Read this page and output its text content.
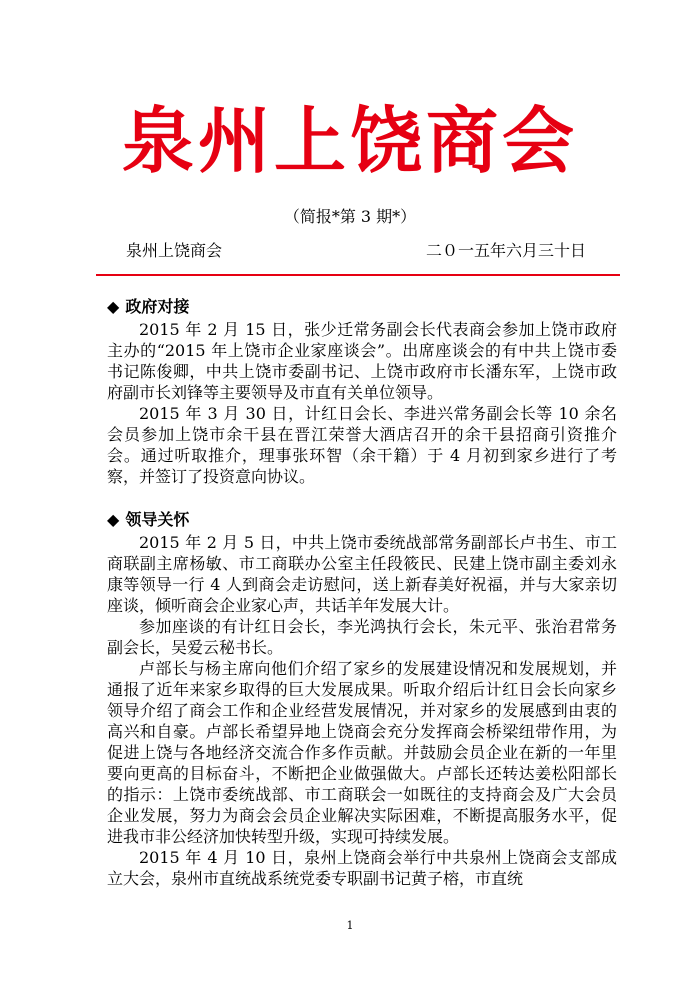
泉州上饶商会
（简报*第 3 期*）
泉州上饶商会	二０一五年六月三十日
◆ 政府对接

2015 年 2 月 15 日，张少迁常务副会长代表商会参加上饶市政府主办的“2015 年上饶市企业家座谈会”。出席座谈会的有中共上饶市委书记陈俊卿，中共上饶市委副书记、上饶市政府市长潘东军，上饶市政府副市长刘锋等主要领导及市直有关单位领导。

2015 年 3 月 30 日，计红日会长、李进兴常务副会长等 10 余名会员参加上饶市余干县在晋江荣誉大酒店召开的余干县招商引资推介会。通过听取推介，理事张环智（余干籍）于 4 月初到家乡进行了考察，并签订了投资意向协议。

◆ 领导关怀

2015 年 2 月 5 日，中共上饶市委统战部常务副部长卢书生、市工商联副主席杨敏、市工商联办公室主任段筱民、民建上饶市副主委刘永康等领导一行 4 人到商会走访慰问，送上新春美好祝福，并与大家亲切座谈，倾听商会企业家心声，共话羊年发展大计。

参加座谈的有计红日会长，李光鸿执行会长，朱元平、张治君常务副会长，吴爱云秘书长。

卢部长与杨主席向他们介绍了家乡的发展建设情况和发展规划，并通报了近年来家乡取得的巨大发展成果。听取介绍后计红日会长向家乡领导介绍了商会工作和企业经营发展情况，并对家乡的发展感到由衷的高兴和自豪。卢部长希望异地上饶商会充分发挥商会桥梁纽带作用，为促进上饶与各地经济交流合作多作贡献。并鼓励会员企业在新的一年里要向更高的目标奋斗，不断把企业做强做大。卢部长还转达姜松阳部长的指示：上饶市委统战部、市工商联会一如既往的支持商会及广大会员企业发展，努力为商会会员企业解决实际困难，不断提高服务水平，促进我市非公经济加快转型升级，实现可持续发展。

2015 年 4 月 10 日，泉州上饶商会举行中共泉州上饶商会支部成立大会，泉州市直统战系统党委专职副书记黄子榕，市直统

1
